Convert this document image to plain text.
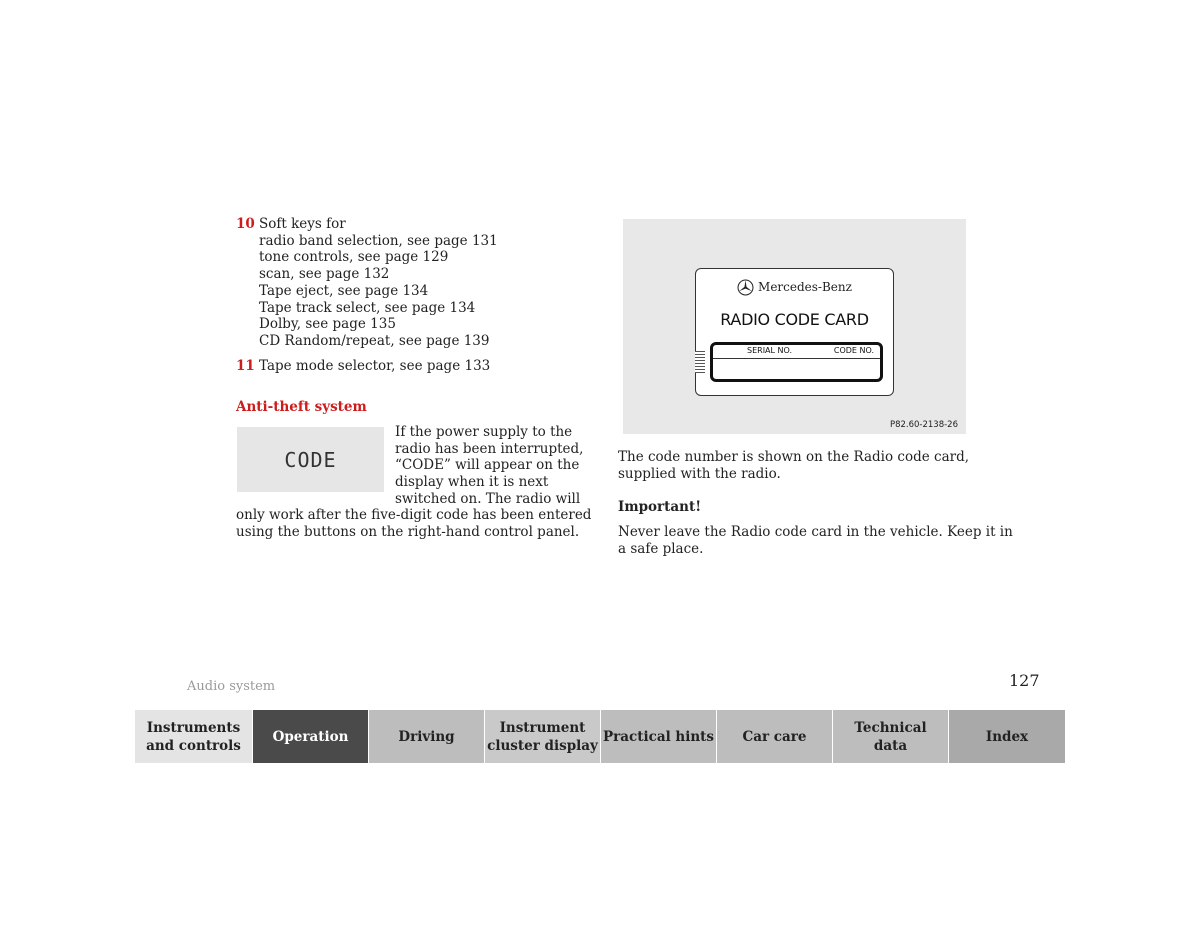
10 Soft keys for
radio band selection, see page 131
tone controls, see page 129
scan, see page 132
Tape eject, see page 134
Tape track select, see page 134
Dolby, see page 135
CD Random/repeat, see page 139
11 Tape mode selector, see page 133
Anti-theft system
CODE
If the power supply to the
radio has been interrupted,
“CODE” will appear on the
display when it is next
switched on. The radio will
only work after the five-digit code has been entered
using the buttons on the right-hand control panel.
Mercedes-Benz
RADIO CODE CARD
SERIAL NO.	CODE NO.
P82.60-2138-26
The code number is shown on the Radio code card,
supplied with the radio.
Important!
Never leave the Radio code card in the vehicle. Keep it in
a safe place.
Audio system	127
Instruments
and controls
Operation	Driving
Instrument
cluster display
Practical hints Car care
Technical
data
Index
